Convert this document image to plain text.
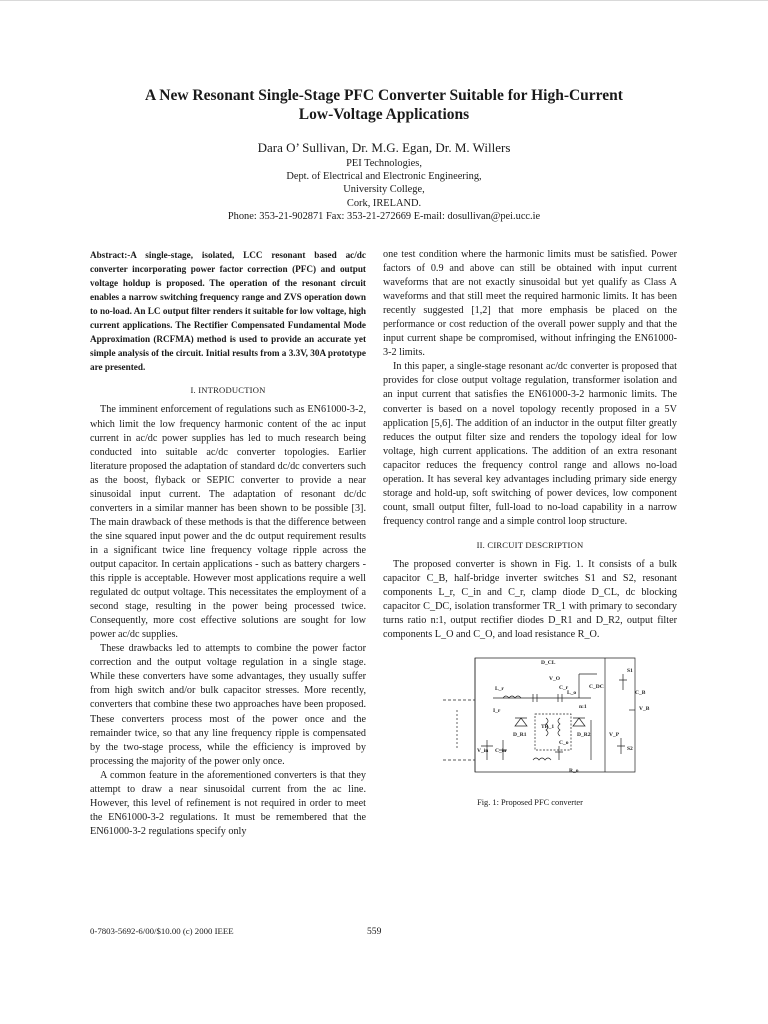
A New Resonant Single-Stage PFC Converter Suitable for High-Current
Low-Voltage Applications
Dara O’ Sullivan, Dr. M.G. Egan, Dr. M. Willers
PEI Technologies,
Dept. of Electrical and Electronic Engineering,
University College,
Cork, IRELAND.
Phone: 353-21-902871 Fax: 353-21-272669 E-mail: dosullivan@pei.ucc.ie

Abstract:-A single-stage, isolated, LCC resonant based ac/dc converter incorporating power factor correction (PFC) and output voltage holdup is proposed. The operation of the resonant circuit enables a narrow switching frequency range and ZVS operation down to no-load. An LC output filter renders it suitable for low voltage, high current applications. The Rectifier Compensated Fundamental Mode Approximation (RCFMA) method is used to provide an accurate yet simple analysis of the circuit. Initial results from a 3.3V, 30A prototype are presented.

I. INTRODUCTION

The imminent enforcement of regulations such as EN61000-3-2, which limit the low frequency harmonic content of the ac input current in ac/dc power supplies has led to much research being conducted into suitable ac/dc converter topologies. Earlier literature proposed the adaptation of standard dc/dc converters such as the boost, flyback or SEPIC converter to provide a near sinusoidal input current. The adaptation of resonant dc/dc converters in a similar manner has been shown to be possible [3]. The main drawback of these methods is that the difference between the sine squared input power and the dc output requirement results in a significant twice line frequency voltage ripple across the output capacitor. In certain applications - such as battery chargers - this ripple is acceptable. However most applications require a well regulated dc output voltage. This necessitates the employment of a second stage, resulting in the power being processed twice. Consequently, more cost effective solutions are sought for low power ac/dc supplies.

These drawbacks led to attempts to combine the power factor correction and the output voltage regulation in a single stage. While these converters have some advantages, they usually suffer from high switch and/or bulk capacitor stresses. More recently, converters that combine these two approaches have been proposed. These converters process most of the power once and the remainder twice, so that any line frequency ripple is compensated by the two-stage process, while the efficiency is improved by processing the majority of the power only once.

A common feature in the aforementioned converters is that they attempt to draw a near sinusoidal current from the ac line. However, this level of refinement is not required in order to meet the EN61000-3-2 regulations. It must be remembered that the EN61000-3-2 regulations specify only

one test condition where the harmonic limits must be satisfied. Power factors of 0.9 and above can still be obtained with input current waveforms that are not exactly sinusoidal but yet qualify as Class A waveforms and that still meet the required harmonic limits. It has been recently suggested [1,2] that more emphasis be placed on the performance or cost reduction of the overall power supply and that the input current shape be compromised, without infringing the EN61000-3-2 limits.

In this paper, a single-stage resonant ac/dc converter is proposed that provides for close output voltage regulation, transformer isolation and an input current that satisfies the EN61000-3-2 harmonic limits. The converter is based on a novel topology recently proposed in a 5V application [5,6]. The addition of an inductor in the output filter greatly reduces the output filter size and renders the topology ideal for low voltage, high current applications. The addition of an extra resonant capacitor reduces the frequency control range and allows no-load operation. It has several key advantages including primary side energy storage and hold-up, soft switching of power devices, low component count, small output filter, full-load to no-load capability in a narrow frequency control range and a simple control loop structure.

II. CIRCUIT DESCRIPTION

The proposed converter is shown in Fig. 1. It consists of a bulk capacitor C_B, half-bridge inverter switches S1 and S2, resonant components L_r, C_in and C_r, clamp diode D_CL, dc blocking capacitor C_DC, isolation transformer TR_1 with primary to secondary turns ratio n:1, output rectifier diodes D_R1 and D_R2, output filter components L_O and C_O, and load resistance R_O.

D_CL
V_O
C_r
S1
C_DC
C_B
L_r
L_o
V_B
n:1
I_r
D_R1
TR_1
D_R2
V_in C_in
C_o
S2
V_P
R_o
Fig. 1: Proposed PFC converter
0-7803-5692-6/00/$10.00 (c) 2000 IEEE	559
